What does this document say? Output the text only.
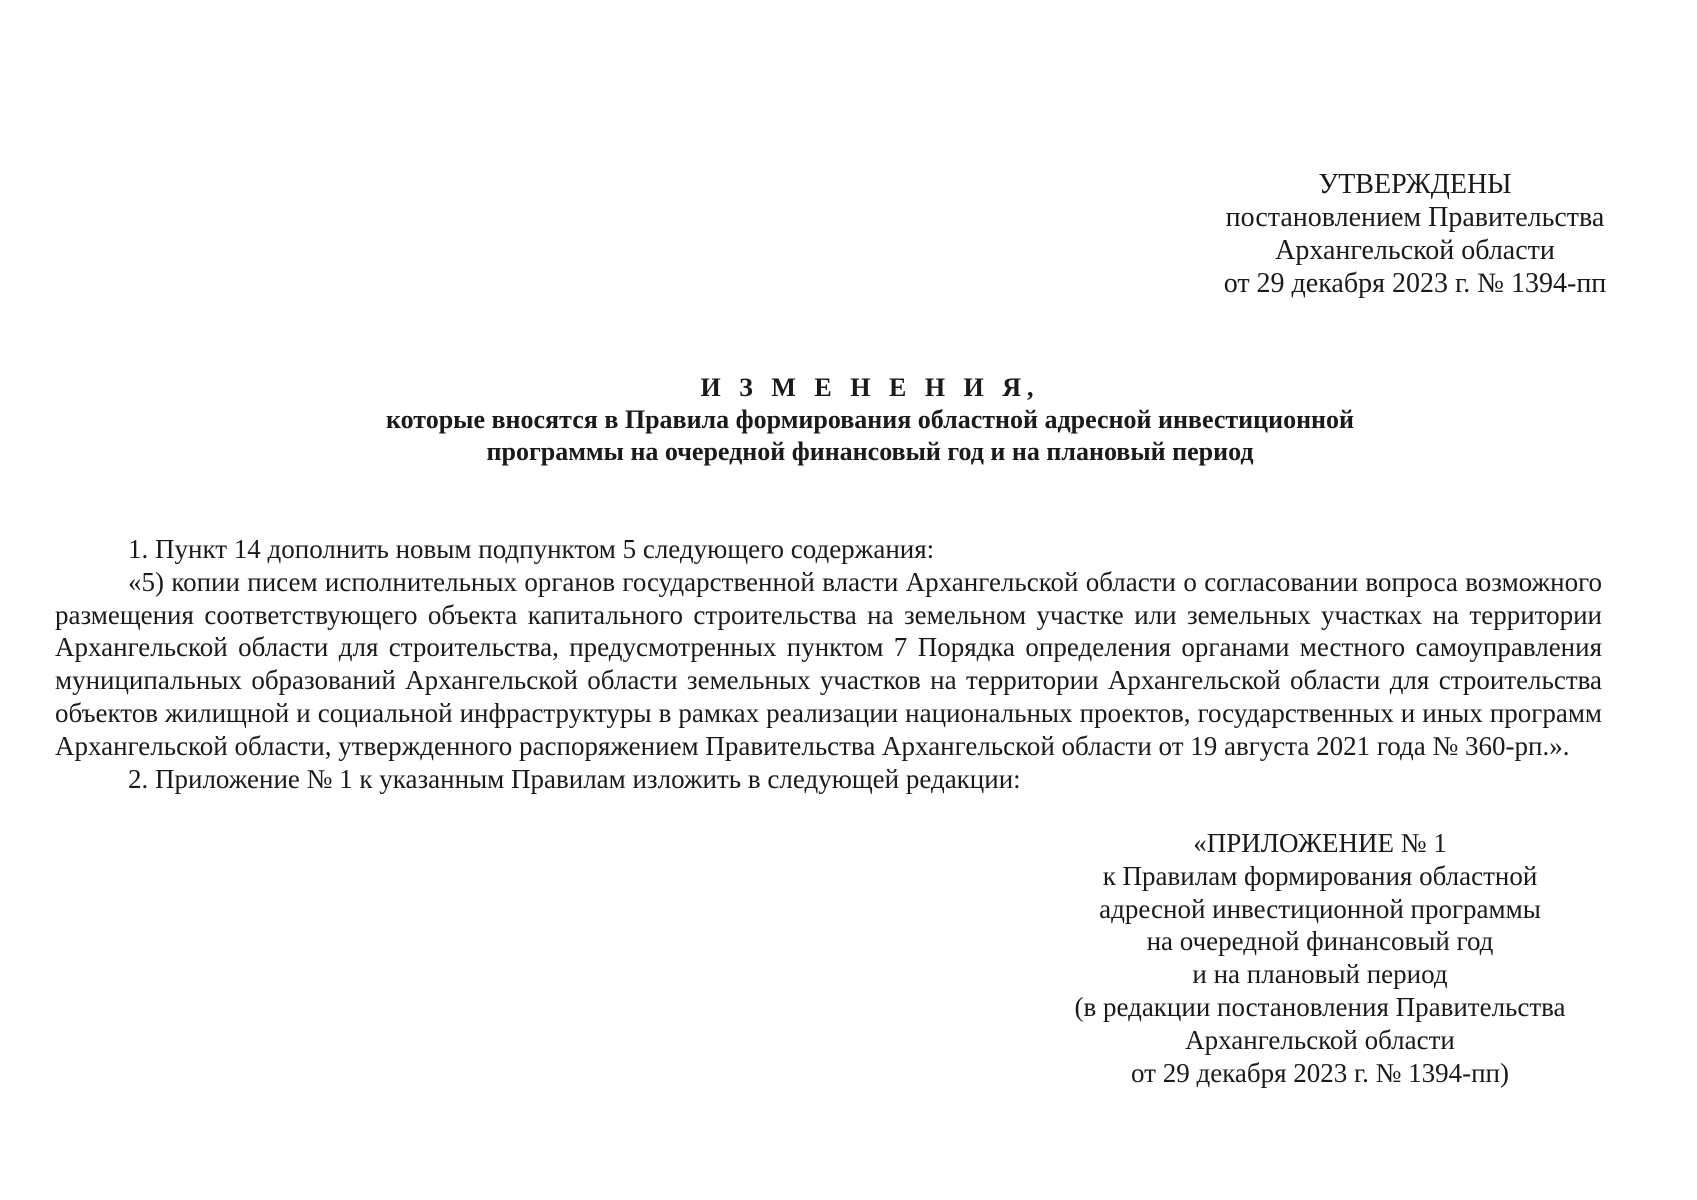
УТВЕРЖДЕНЫ
постановлением Правительства
Архангельской области
от 29 декабря 2023 г. № 1394-пп
И З М Е Н Е Н И Я,
которые вносятся в Правила формирования областной адресной инвестиционной
программы на очередной финансовый год и на плановый период

1. Пункт 14 дополнить новым подпунктом 5 следующего содержания:

«5) копии писем исполнительных органов государственной власти Архангельской области о согласовании вопроса возможного размещения соответствующего объекта капитального строительства на земельном участке или земельных участках на территории Архангельской области для строительства, предусмотренных пунктом 7 Порядка определения органами местного самоуправления муниципальных образований Архангельской области земельных участков на территории Архангельской области для строительства объектов жилищной и социальной инфраструктуры в рамках реализации национальных проектов, государственных и иных программ Архангельской области, утвержденного распоряжением Правительства Архангельской области от 19 августа 2021 года № 360-рп.».

2. Приложение № 1 к указанным Правилам изложить в следующей редакции:

«ПРИЛОЖЕНИЕ № 1
к Правилам формирования областной
адресной инвестиционной программы
на очередной финансовый год
и на плановый период
(в редакции постановления Правительства
Архангельской области
от 29 декабря 2023 г. № 1394-пп)
